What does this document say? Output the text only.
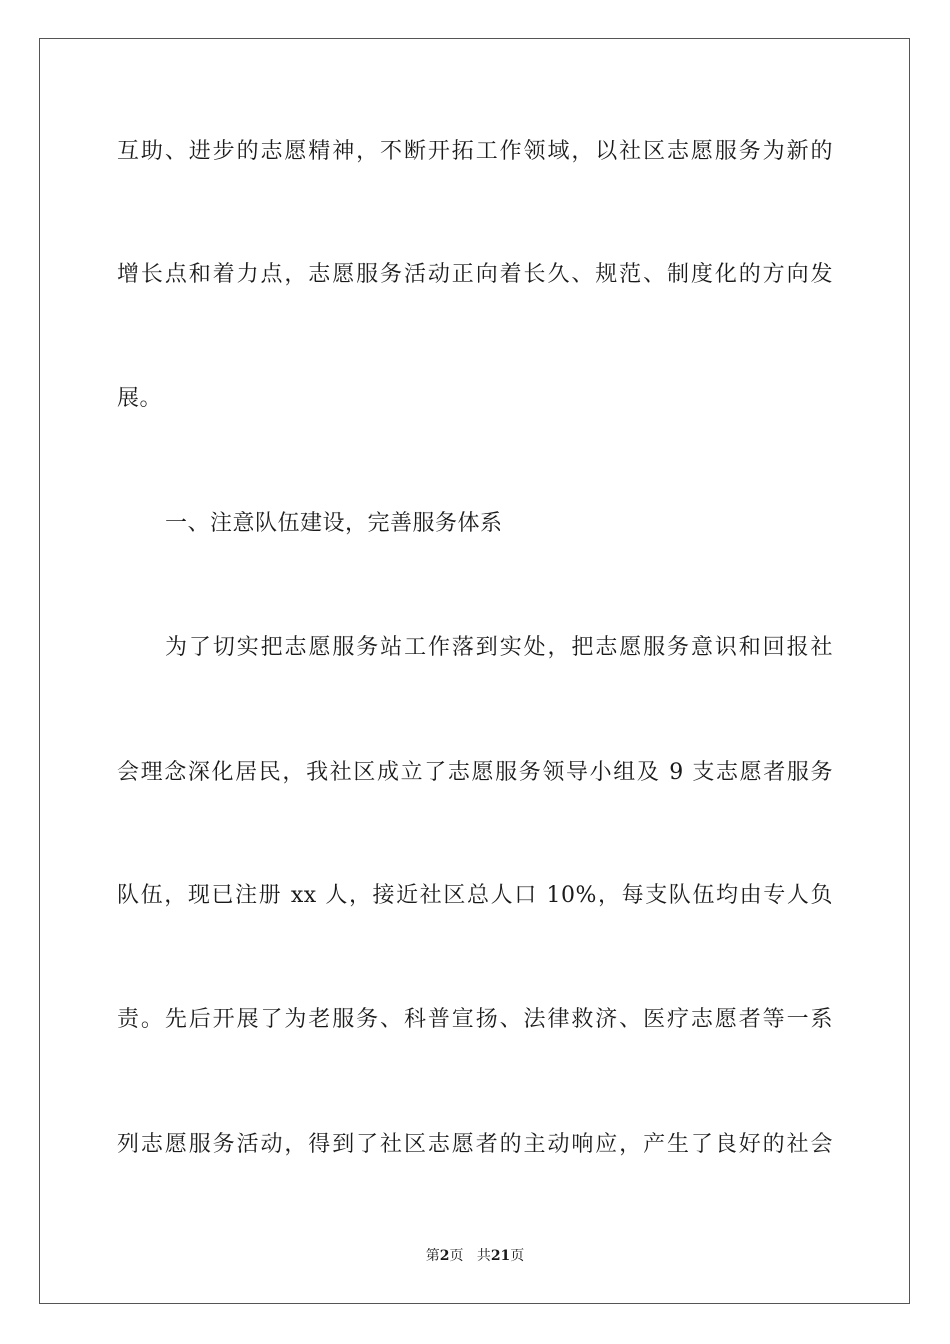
互助、进步的志愿精神，不断开拓工作领域，以社区志愿服务为新的
增长点和着力点，志愿服务活动正向着长久、规范、制度化的方向发
展。
一、注意队伍建设，完善服务体系
为了切实把志愿服务站工作落到实处，把志愿服务意识和回报社
会理念深化居民，我社区成立了志愿服务领导小组及 9 支志愿者服务
队伍，现已注册 xx 人，接近社区总人口 10%，每支队伍均由专人负
责。先后开展了为老服务、科普宣扬、法律救济、医疗志愿者等一系
列志愿服务活动，得到了社区志愿者的主动响应，产生了良好的社会
第2页 共21页
